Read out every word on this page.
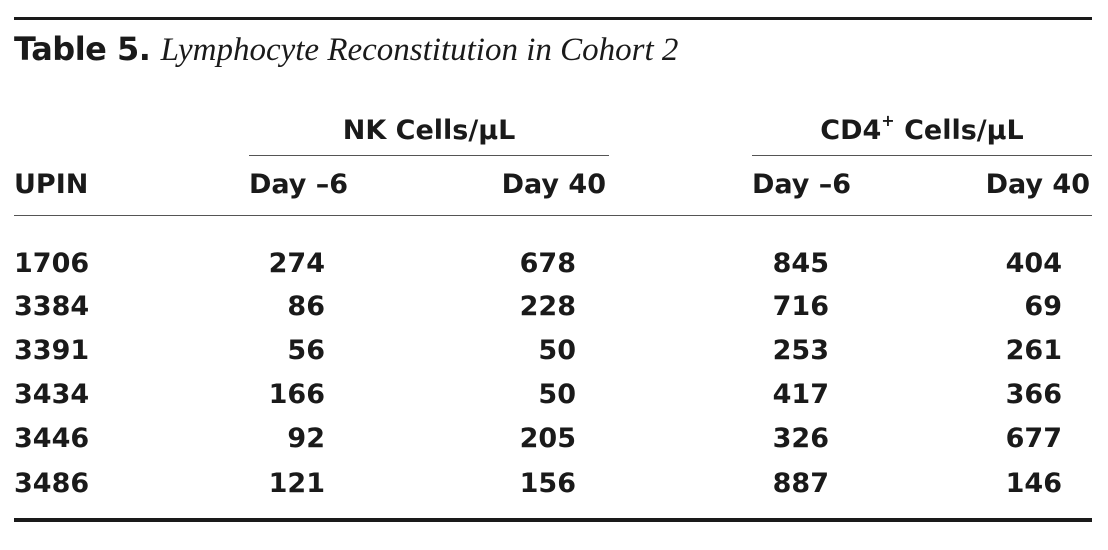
Table 5. Lymphocyte Reconstitution in Cohort 2
NK Cells/µL	CD4+ Cells/µL
UPIN	Day –6	Day 40	Day –6	Day 40
1706	274	678	845	404
3384	86	228	716	69
3391	56	50	253	261
3434	166	50	417	366
3446	92	205	326	677
3486	121	156	887	146
